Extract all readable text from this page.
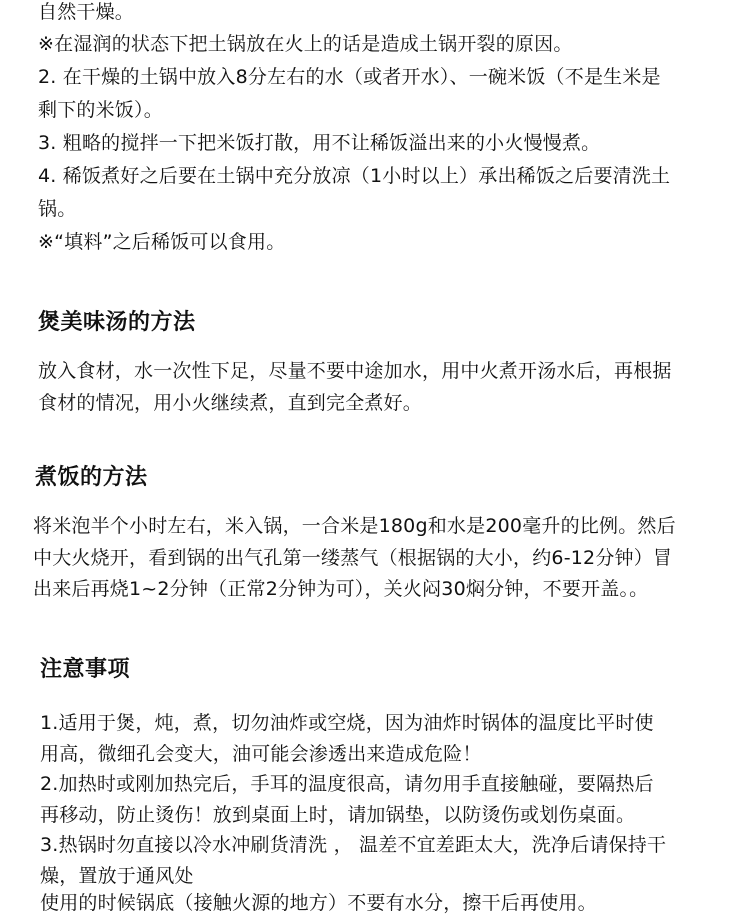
自然干燥。
※在湿润的状态下把土锅放在火上的话是造成土锅开裂的原因。
2. 在干燥的土锅中放入8分左右的水（或者开水）、一碗米饭（不是生米是
剩下的米饭）。
3. 粗略的搅拌一下把米饭打散，用不让稀饭溢出来的小火慢慢煮。
4. 稀饭煮好之后要在土锅中充分放凉（1小时以上）承出稀饭之后要清洗土
锅。
※“填料”之后稀饭可以食用。
煲美味汤的方法
放入食材，水一次性下足，尽量不要中途加水，用中火煮开汤水后，再根据
食材的情况，用小火继续煮，直到完全煮好。
煮饭的方法
将米泡半个小时左右，米入锅，一合米是180g和水是200毫升的比例。然后
中大火烧开，看到锅的出气孔第一缕蒸气（根据锅的大小，约6-12分钟）冒
出来后再烧1~2分钟（正常2分钟为可），关火闷30焖分钟，不要开盖。。
注意事项
1.适用于煲，炖，煮，切勿油炸或空烧，因为油炸时锅体的温度比平时使
用高，微细孔会变大，油可能会渗透出来造成危险！
2.加热时或刚加热完后，手耳的温度很高，请勿用手直接触碰，要隔热后
再移动，防止烫伤！放到桌面上时，请加锅垫，以防烫伤或划伤桌面。
3.热锅时勿直接以冷水冲刷货清洗 ， 温差不宜差距太大，洗净后请保持干
燥，置放于通风处
使用的时候锅底（接触火源的地方）不要有水分，擦干后再使用。
